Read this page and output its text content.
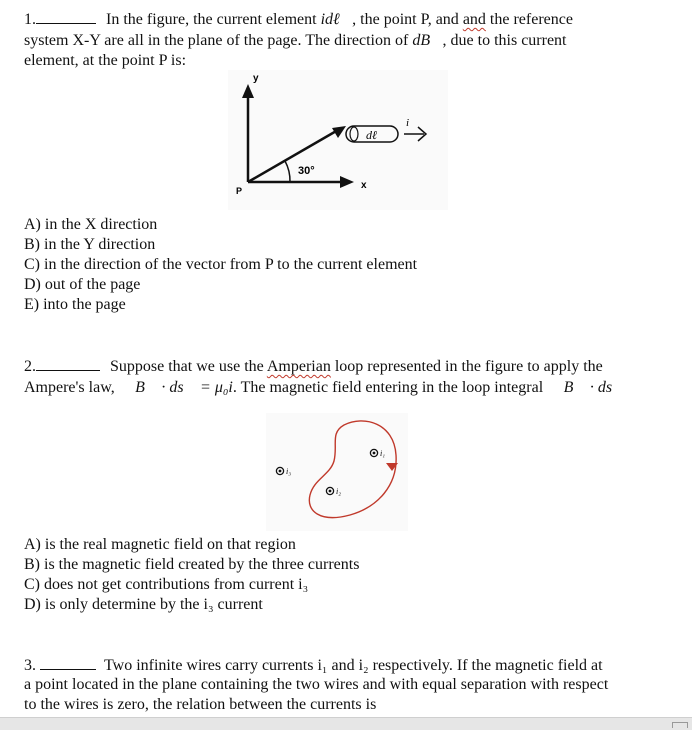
1.	In the figure, the current element idℓ⃗, the point P, and and the reference
system X-Y are all in the plane of the page. The direction of dB⃗, due to this current
element, at the point P is:
y
x
P
30°
dℓ⃗
i⃗
A) in the X direction
B) in the Y direction
C) in the direction of the vector from P to the current element
D) out of the page
E) into the page
2.	Suppose that we use the Amperian loop represented in the figure to apply the
Ampere's law, ∮ B⃗ · ds⃗ = μ₀i. The magnetic field entering in the loop integral ∮ B⃗ · ds⃗
i₁
i₂
i₃
A) is the real magnetic field on that region
B) is the magnetic field created by the three currents
C) does not get contributions from current i₃
D) is only determine by the i₃ current
3.	Two infinite wires carry currents i₁ and i₂ respectively. If the magnetic field at
a point located in the plane containing the two wires and with equal separation with respect
to the wires is zero, the relation between the currents is
